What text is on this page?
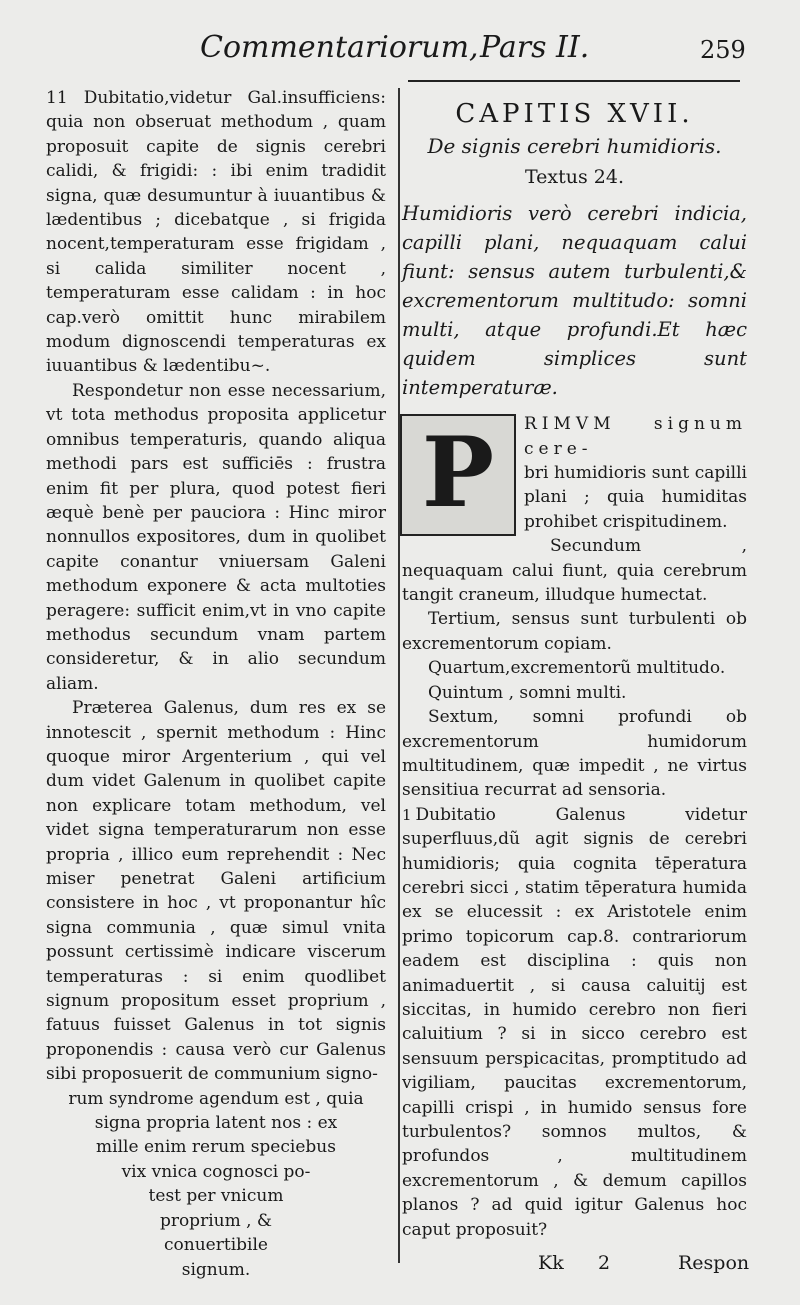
Commentariorum, Pars II.	259

11 Dubitatio,videtur Gal.insufficiens: quia non obseruat methodum , quam proposuit capite de signis cerebri calidi, & frigidi: : ibi enim tradidit signa, quæ desumuntur à iuuantibus & lædentibus ; dicebatque , si frigida nocent,temperaturam esse frigidam , si calida similiter nocent , temperaturam esse calidam : in hoc cap.verò omittit hunc mirabilem modum dignoscendi temperaturas ex iuuantibus & lædentibu~.

Respondetur non esse necessarium, vt tota methodus proposita applicetur omnibus temperaturis, quando aliqua methodi pars est sufficiēs : frustra enim fit per plura, quod potest fieri æquè benè per pauciora : Hinc miror nonnullos expositores, dum in quolibet capite conantur vniuersam Galeni methodum exponere & acta multoties peragere: sufficit enim,vt in vno capite methodus secundum vnam partem consideretur, & in alio secundum aliam.

Præterea Galenus, dum res ex se innotescit , spernit methodum : Hinc quoque miror Argenterium , qui vel dum videt Galenum in quolibet capite non explicare totam methodum, vel videt signa temperaturarum non esse propria , illico eum reprehendit : Nec miser penetrat Galeni artificium consistere in hoc , vt proponantur hîc signa communia , quæ simul vnita possunt certissimè indicare viscerum temperaturas : si enim quodlibet signum propositum esset proprium , fatuus fuisset Galenus in tot signis proponendis : causa verò cur Galenus sibi proposuerit de communium signo-

rum syndrome agendum est , quia
signa propria latent nos : ex
mille enim rerum speciebus
vix vnica cognosci po-
test per vnicum
proprium , &
conuertibile
signum.
CAPITIS XVII.
De signis cerebri humidioris.
Textus 24.

Humidioris verò cerebri indicia, capilli plani, nequaquam calui fiunt: sensus autem turbulenti,& excrementorum multitudo: somni multi, atque profundi.Et hæc quidem simplices sunt intemperaturæ.

P	RIMVM signum cere-
bri humidioris sunt capilli plani ; quia humiditas prohibet crispitudinem.

Secundum , nequaquam calui fiunt, quia cerebrum tangit craneum, illudque humectat.

Tertium, sensus sunt turbulenti ob excrementorum copiam.

Quartum,excrementorũ multitudo.

Quintum , somni multi.

Sextum, somni profundi ob excrementorum humidorum multitudinem, quæ impedit , ne virtus sensitiua recurrat ad sensoria.

1 Dubitatio Galenus videtur superfluus,dũ agit signis de cerebri humidioris; quia cognita tēperatura cerebri sicci , statim tēperatura humida ex se elucessit : ex Aristotele enim primo topicorum cap.8. contrariorum eadem est disciplina : quis non animaduertit , si causa caluitij est siccitas, in humido cerebro non fieri caluitium ? si in sicco cerebro est sensuum perspicacitas, promptitudo ad vigiliam, paucitas excrementorum, capilli crispi , in humido sensus fore turbulentos? somnos multos, & profundos , multitudinem excrementorum , & demum capillos planos ? ad quid igitur Galenus hoc caput proposuit?

Kk 2	Respon
